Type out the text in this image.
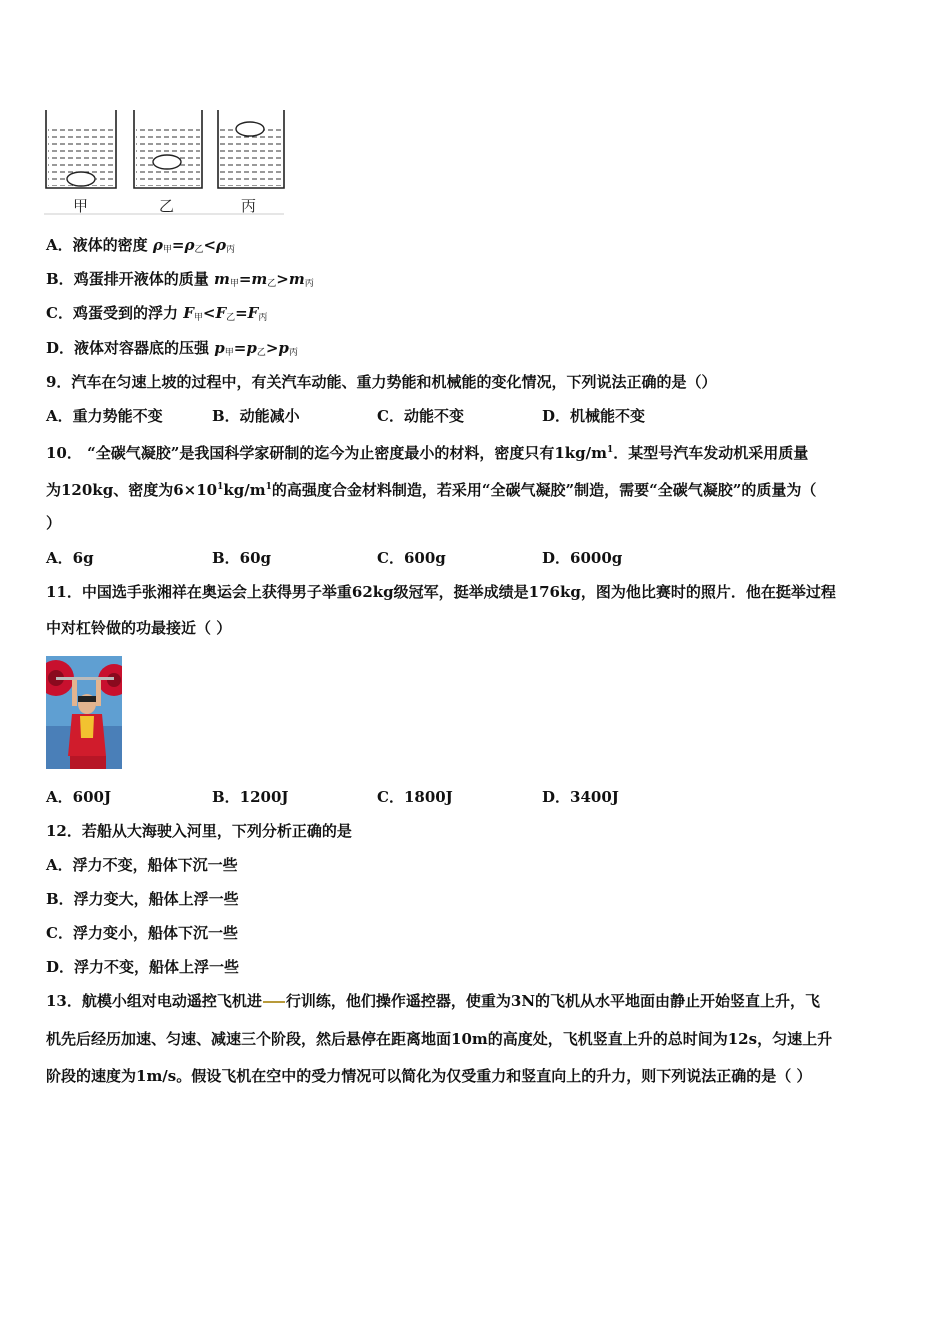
甲	乙	丙
A．液体的密度 $\rho_甲=\rho_乙<\rho_丙$
B．鸡蛋排开液体的质量 $m_甲=m_乙>m_丙$
C．鸡蛋受到的浮力 $F_甲<F_乙=F_丙$
D．液体对容器底的压强 $p_甲=p_乙>p_丙$
9．汽车在匀速上坡的过程中，有关汽车动能、重力势能和机械能的变化情况，下列说法正确的是（）
A．重力势能不变	B．动能减小	C．动能不变	D．机械能不变
10． “全碳气凝胶”是我国科学家研制的迄今为止密度最小的材料，密度只有$1kg/m^1$．某型号汽车发动机采用质量
为120kg、密度为$6\times 10^1kg/m^1$的高强度合金材料制造，若采用“全碳气凝胶”制造，需要“全碳气凝胶”的质量为（
）
A．6g	B．60g	C．600g	D．6000g
11．中国选手张湘祥在奥运会上获得男子举重62kg级冠军，挺举成绩是176kg，图为他比赛时的照片．他在挺举过程
中对杠铃做的功最接近（ ）
A．600J	B．1200J	C．1800J	D．3400J
12．若船从大海驶入河里，下列分析正确的是
A．浮力不变，船体下沉一些
B．浮力变大，船体上浮一些
C．浮力变小，船体下沉一些
D．浮力不变，船体上浮一些
13．航模小组对电动遥控飞机进 行训练，他们操作遥控器，使重为3N的飞机从水平地面由静止开始竖直上升，飞
机先后经历加速、匀速、减速三个阶段，然后悬停在距离地面10m的高度处，飞机竖直上升的总时间为12s，匀速上升
阶段的速度为1m/s。假设飞机在空中的受力情况可以简化为仅受重力和竖直向上的升力，则下列说法正确的是（ ）
